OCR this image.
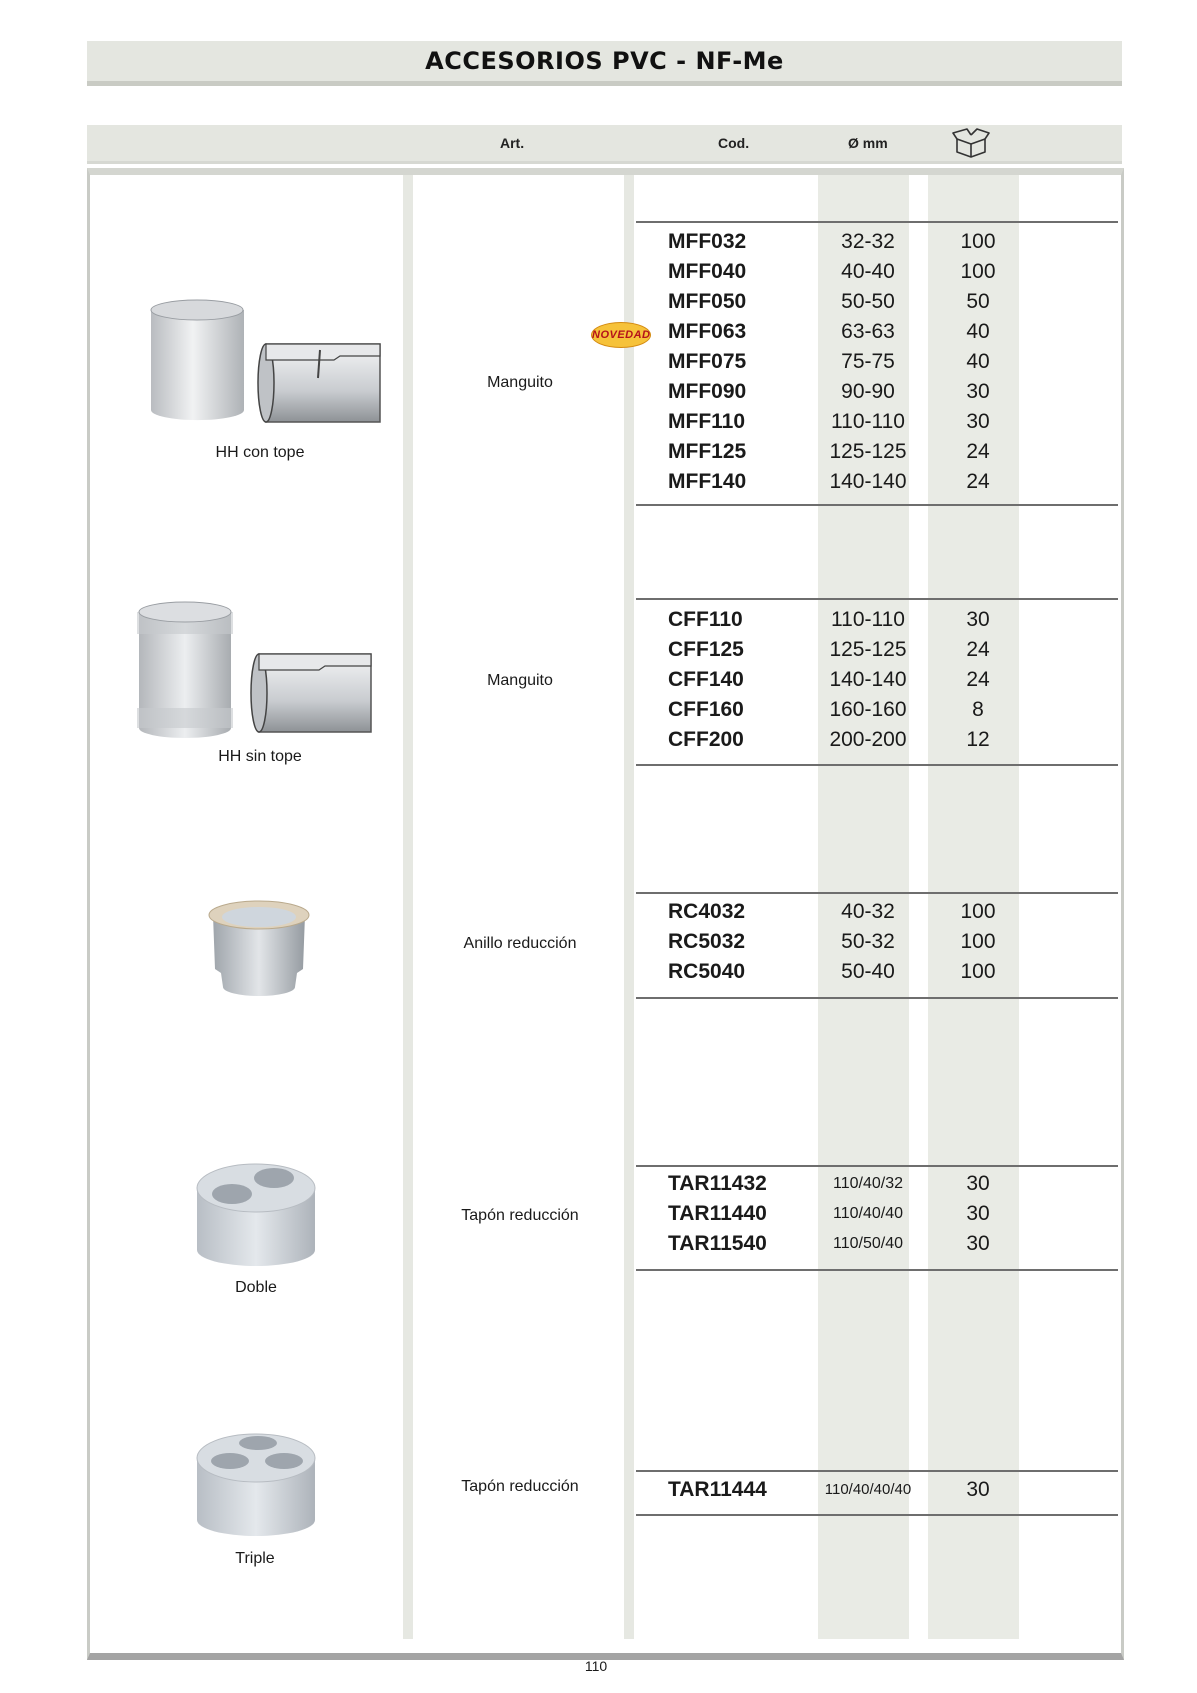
ACCESORIOS PVC - NF-Me
Art.	Cod.	Ø mm
Manguito
HH con tope
NOVEDAD
MFF032	32-32	100
MFF040	40-40	100
MFF050	50-50	50
MFF063	63-63	40
MFF075	75-75	40
MFF090	90-90	30
MFF110	110-110	30
MFF125	125-125	24
MFF140	140-140	24
Manguito
HH sin tope
CFF110	110-110	30
CFF125	125-125	24
CFF140	140-140	24
CFF160	160-160	8
CFF200	200-200	12
Anillo reducción
RC4032	40-32	100
RC5032	50-32	100
RC5040	50-40	100
Tapón reducción
Doble
TAR11432	110/40/32	30
TAR11440	110/40/40	30
TAR11540	110/50/40	30
Tapón reducción
Triple
TAR11444	110/40/40/40	30
110
